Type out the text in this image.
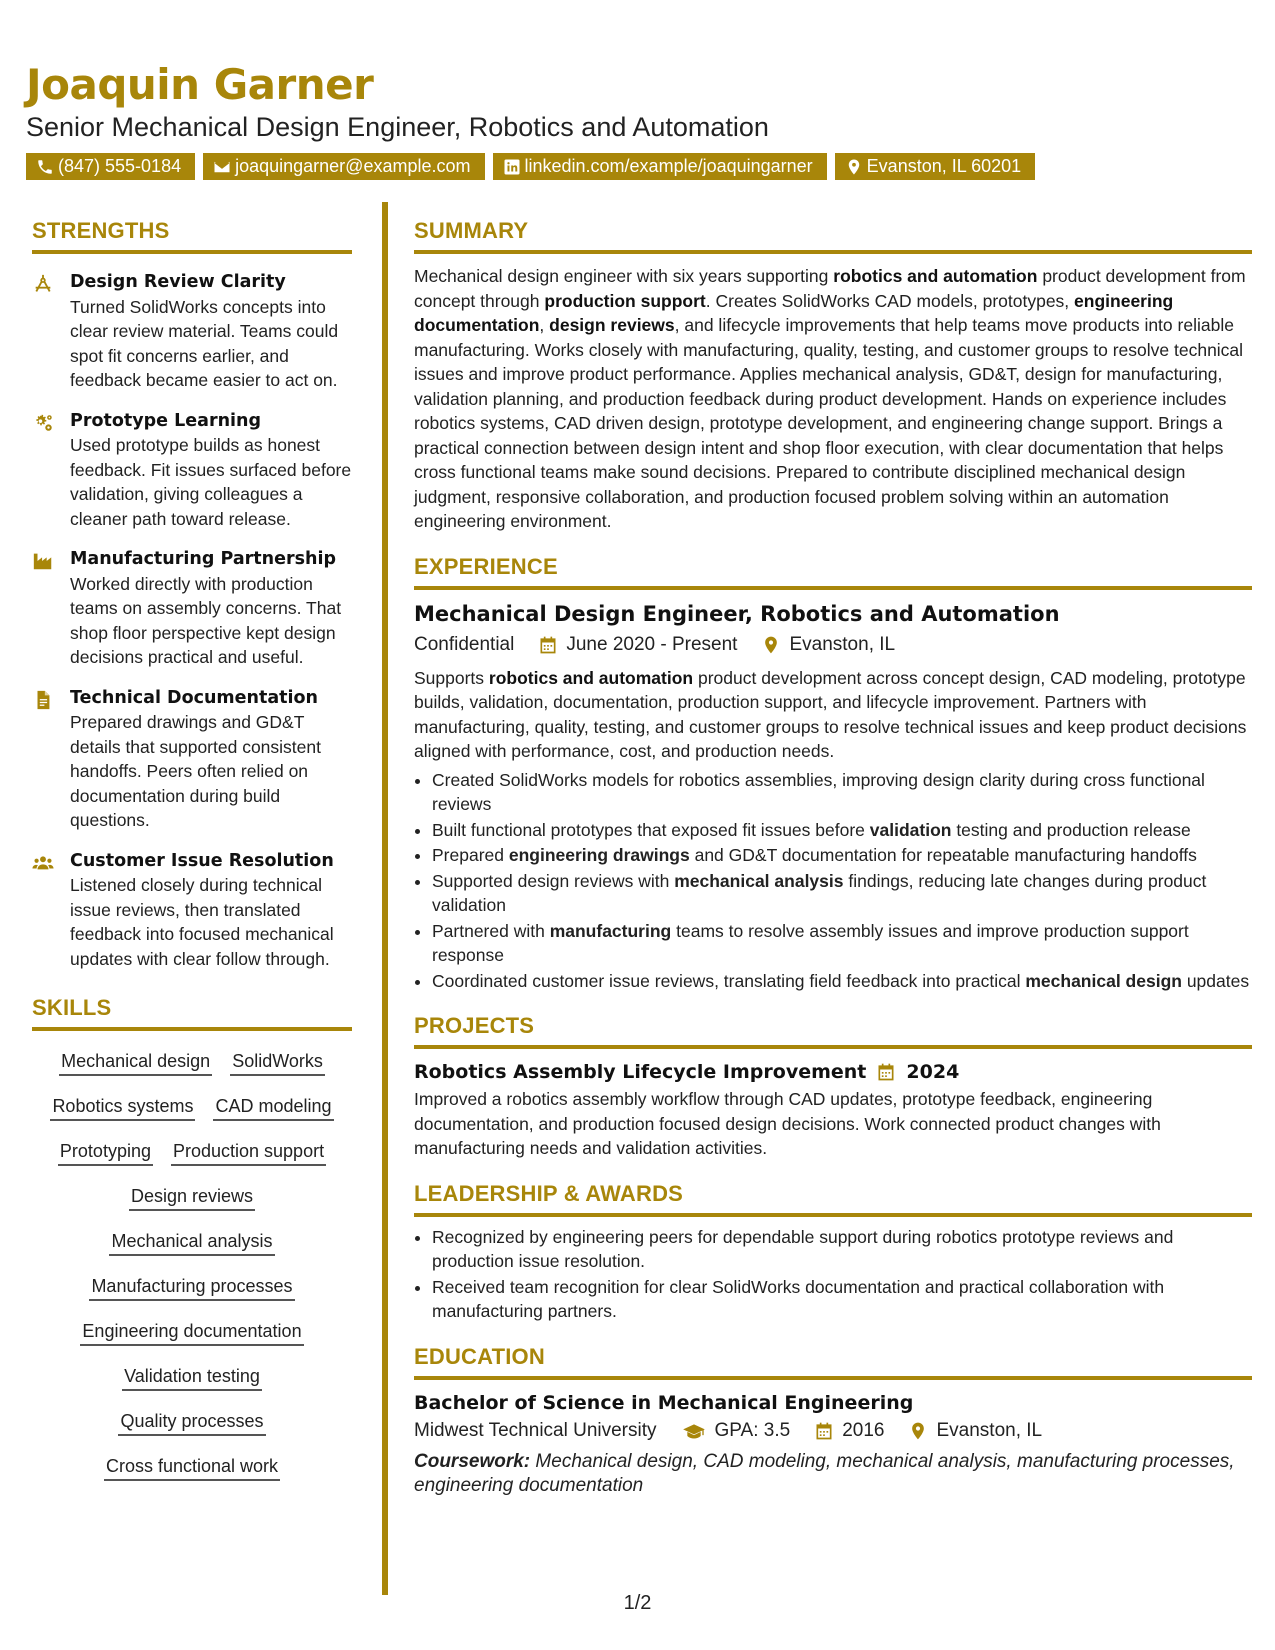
Joaquin Garner
Senior Mechanical Design Engineer, Robotics and Automation
(847) 555-0184	joaquingarner@example.com	linkedin.com/example/joaquingarner	Evanston, IL 60201
STRENGTHS
Design Review Clarity
Turned SolidWorks concepts into clear review material. Teams could spot fit concerns earlier, and feedback became easier to act on.
Prototype Learning
Used prototype builds as honest feedback. Fit issues surfaced before validation, giving colleagues a cleaner path toward release.
Manufacturing Partnership
Worked directly with production teams on assembly concerns. That shop floor perspective kept design decisions practical and useful.
Technical Documentation
Prepared drawings and GD&T details that supported consistent handoffs. Peers often relied on documentation during build questions.
Customer Issue Resolution
Listened closely during technical issue reviews, then translated feedback into focused mechanical updates with clear follow through.
SKILLS
Mechanical design SolidWorks
Robotics systems CAD modeling
Prototyping Production support
Design reviews
Mechanical analysis
Manufacturing processes
Engineering documentation
Validation testing
Quality processes
Cross functional work
SUMMARY

Mechanical design engineer with six years supporting robotics and automation product development from concept through production support. Creates SolidWorks CAD models, prototypes, engineering documentation, design reviews, and lifecycle improvements that help teams move products into reliable manufacturing. Works closely with manufacturing, quality, testing, and customer groups to resolve technical issues and improve product performance. Applies mechanical analysis, GD&T, design for manufacturing, validation planning, and production feedback during product development. Hands on experience includes robotics systems, CAD driven design, prototype development, and engineering change support. Brings a practical connection between design intent and shop floor execution, with clear documentation that helps cross functional teams make sound decisions. Prepared to contribute disciplined mechanical design judgment, responsive collaboration, and production focused problem solving within an automation engineering environment.

EXPERIENCE
Mechanical Design Engineer, Robotics and Automation
Confidential	June 2020 - Present	Evanston, IL

Supports robotics and automation product development across concept design, CAD modeling, prototype builds, validation, documentation, production support, and lifecycle improvement. Partners with manufacturing, quality, testing, and customer groups to resolve technical issues and keep product decisions aligned with performance, cost, and production needs.

• Created SolidWorks models for robotics assemblies, improving design clarity during cross functional reviews
• Built functional prototypes that exposed fit issues before validation testing and production release
• Prepared engineering drawings and GD&T documentation for repeatable manufacturing handoffs
• Supported design reviews with mechanical analysis findings, reducing late changes during product validation
• Partnered with manufacturing teams to resolve assembly issues and improve production support response
• Coordinated customer issue reviews, translating field feedback into practical mechanical design updates
PROJECTS
Robotics Assembly Lifecycle Improvement 2024

Improved a robotics assembly workflow through CAD updates, prototype feedback, engineering documentation, and production focused design decisions. Work connected product changes with manufacturing needs and validation activities.

LEADERSHIP & AWARDS
• Recognized by engineering peers for dependable support during robotics prototype reviews and production issue resolution.
• Received team recognition for clear SolidWorks documentation and practical collaboration with manufacturing partners.
EDUCATION
Bachelor of Science in Mechanical Engineering
Midwest Technical University	GPA: 3.5	2016	Evanston, IL
Coursework: Mechanical design, CAD modeling, mechanical analysis, manufacturing processes, engineering documentation
1/2
